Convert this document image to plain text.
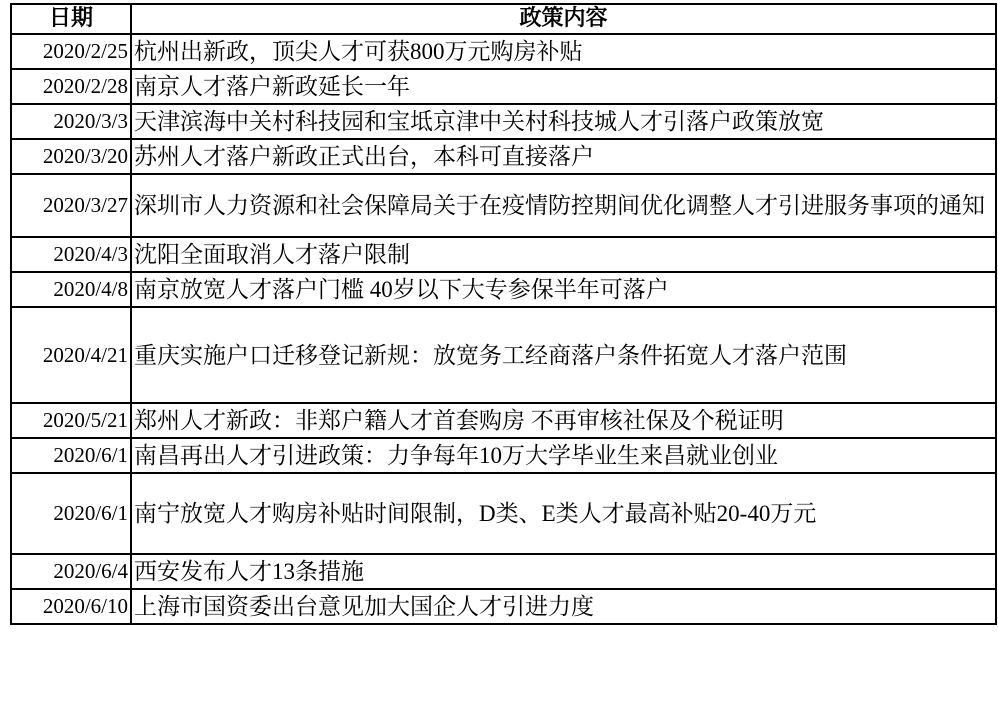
日期	政策内容
2020/2/25	杭州出新政，顶尖人才可获800万元购房补贴
2020/2/28	南京人才落户新政延长一年
2020/3/3	天津滨海中关村科技园和宝坻京津中关村科技城人才引落户政策放宽
2020/3/20	苏州人才落户新政正式出台，本科可直接落户
2020/3/27	深圳市人力资源和社会保障局关于在疫情防控期间优化调整人才引进服务事项的通知
2020/4/3	沈阳全面取消人才落户限制
2020/4/8	南京放宽人才落户门槛 40岁以下大专参保半年可落户
2020/4/21	重庆实施户口迁移登记新规：放宽务工经商落户条件拓宽人才落户范围
2020/5/21	郑州人才新政：非郑户籍人才首套购房 不再审核社保及个税证明
2020/6/1	南昌再出人才引进政策：力争每年10万大学毕业生来昌就业创业
2020/6/1	南宁放宽人才购房补贴时间限制，D类、E类人才最高补贴20-40万元
2020/6/4	西安发布人才13条措施
2020/6/10	上海市国资委出台意见加大国企人才引进力度
